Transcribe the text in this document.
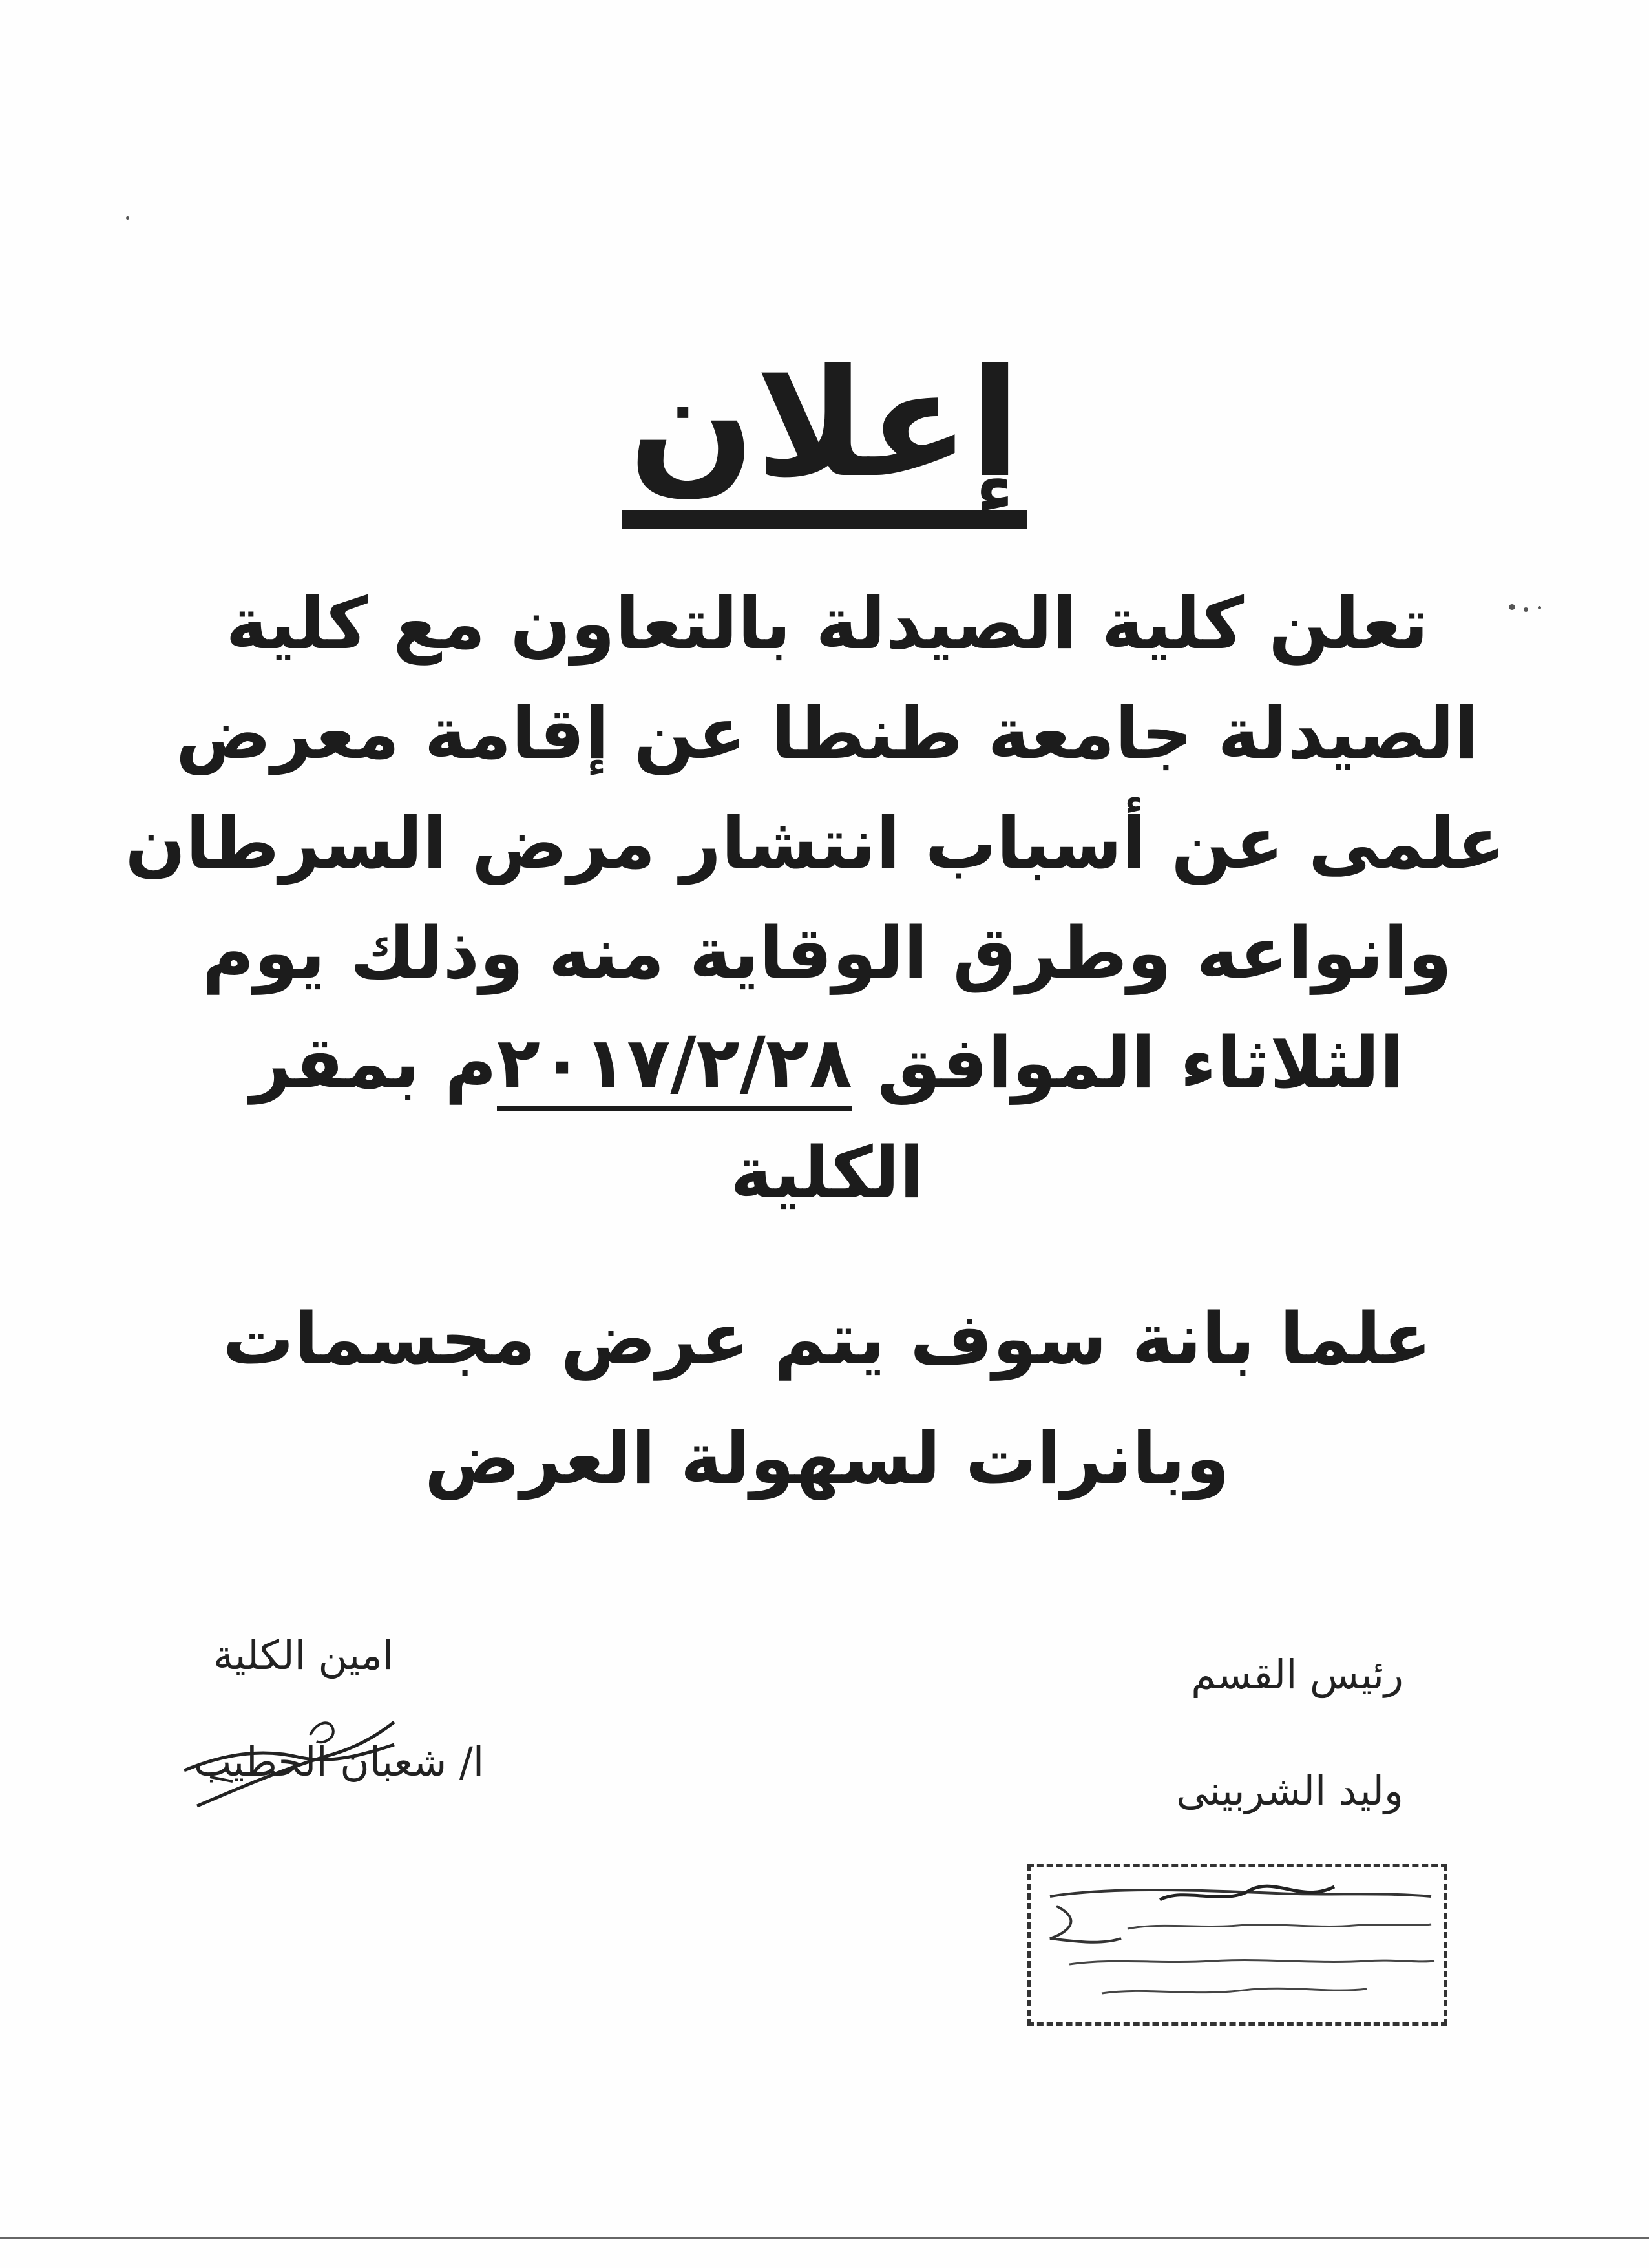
إعلان
تعلن كلية الصيدلة بالتعاون مع كلية
الصيدلة جامعة طنطا عن إقامة معرض
علمى عن أسباب انتشار مرض السرطان
وانواعه وطرق الوقاية منه وذلك يوم
الثلاثاء الموافق ٢٠١٧/٢/٢٨م بمقر
الكلية
علما بانة سوف يتم عرض مجسمات
وبانرات لسهولة العرض
رئيس القسم
وليد الشربينى
امين الكلية
ا/ شعبان الخطيب
